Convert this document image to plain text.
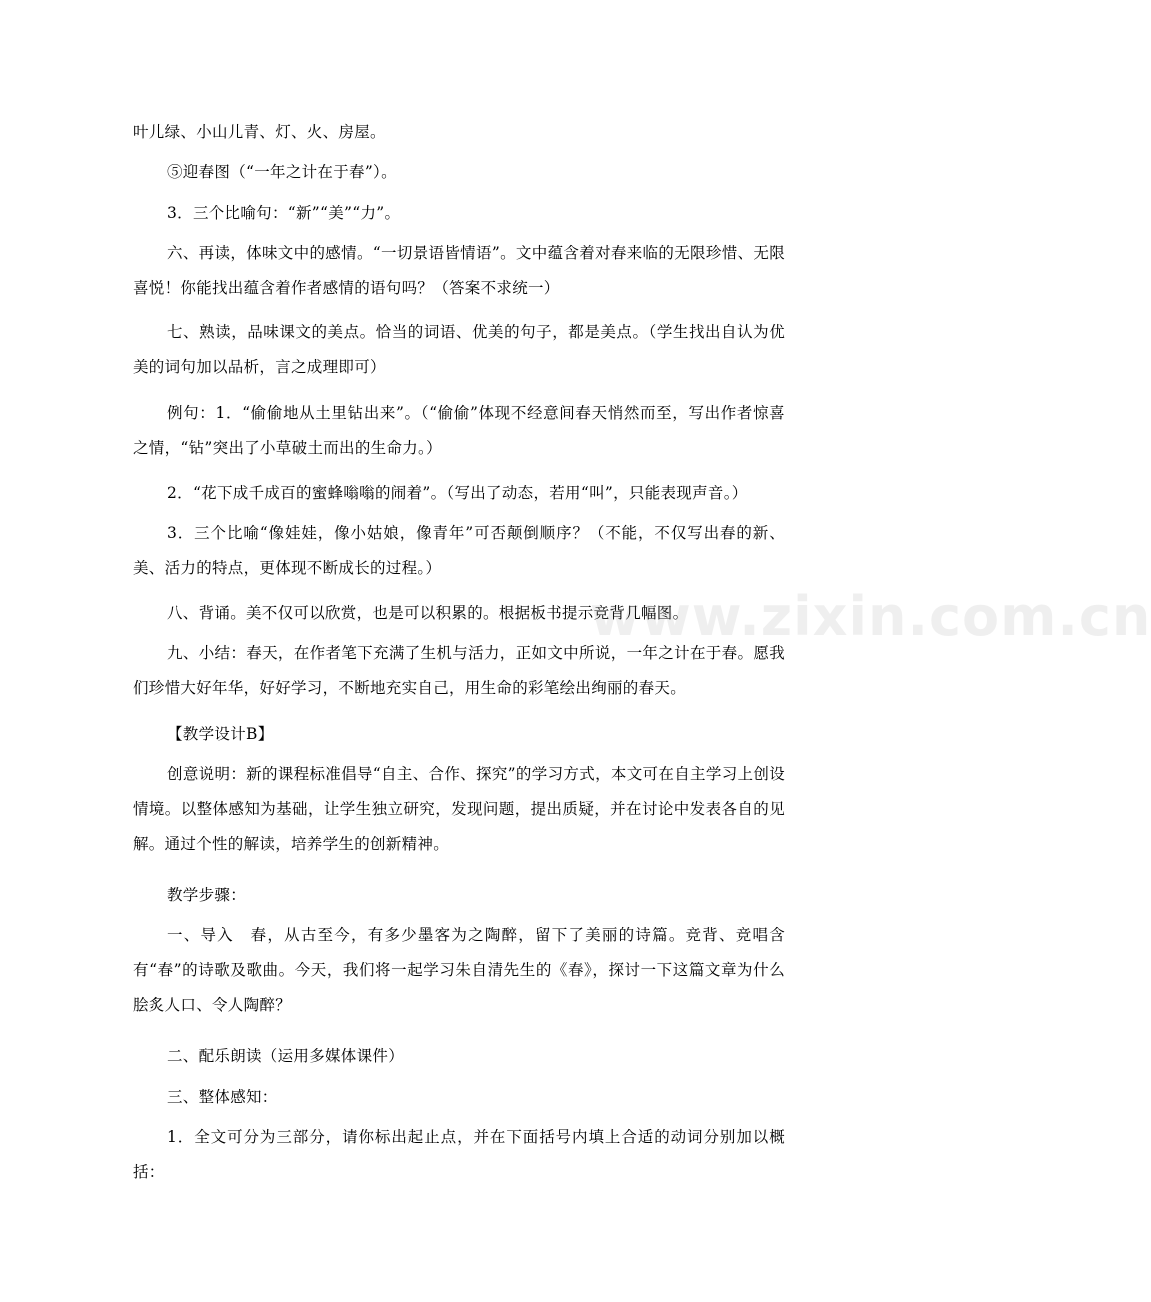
叶儿绿、小山儿青、灯、火、房屋。

⑤迎春图（“一年之计在于春”）。

3．三个比喻句：“新”“美”“力”。

六、再读，体味文中的感情。“一切景语皆情语”。文中蕴含着对春来临的无限珍惜、无限喜悦！你能找出蕴含着作者感情的语句吗？（答案不求统一）

七、熟读，品味课文的美点。恰当的词语、优美的句子，都是美点。（学生找出自认为优美的词句加以品析，言之成理即可）

例句：1．“偷偷地从土里钻出来”。（“偷偷”体现不经意间春天悄然而至，写出作者惊喜之情，“钻”突出了小草破土而出的生命力。）

2．“花下成千成百的蜜蜂嗡嗡的闹着”。（写出了动态，若用“叫”，只能表现声音。）

3．三个比喻“像娃娃，像小姑娘，像青年”可否颠倒顺序？（不能，不仅写出春的新、美、活力的特点，更体现不断成长的过程。）

八、背诵。美不仅可以欣赏，也是可以积累的。根据板书提示竞背几幅图。

九、小结：春天，在作者笔下充满了生机与活力，正如文中所说，一年之计在于春。愿我们珍惜大好年华，好好学习，不断地充实自己，用生命的彩笔绘出绚丽的春天。

【教学设计B】

创意说明：新的课程标准倡导“自主、合作、探究”的学习方式，本文可在自主学习上创设情境。以整体感知为基础，让学生独立研究，发现问题，提出质疑，并在讨论中发表各自的见解。通过个性的解读，培养学生的创新精神。

教学步骤：

一、导入　春，从古至今，有多少墨客为之陶醉，留下了美丽的诗篇。竞背、竞唱含有“春”的诗歌及歌曲。今天，我们将一起学习朱自清先生的《春》，探讨一下这篇文章为什么脍炙人口、令人陶醉？

二、配乐朗读（运用多媒体课件）

三、整体感知：

1．全文可分为三部分，请你标出起止点，并在下面括号内填上合适的动词分别加以概括：

www.zixin.com.cn
